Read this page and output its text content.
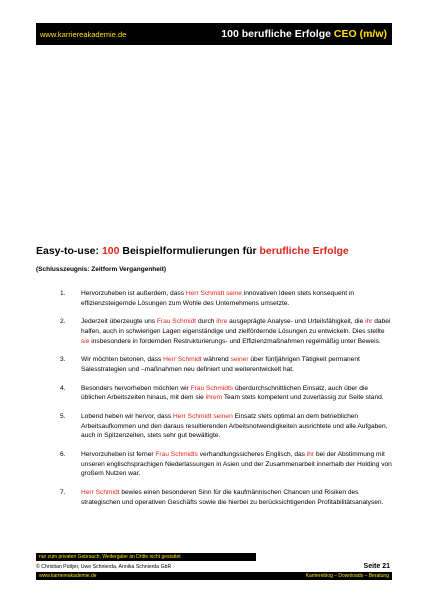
www.karriereakademie.de	100 berufliche Erfolge CEO (m/w)
Easy-to-use: 100 Beispielformulierungen für berufliche Erfolge
(Schlusszeugnis: Zeitform Vergangenheit)
1.	Hervorzuheben ist außerdem, dass Herr Schmidt seine innovativen Ideen stets konsequent in effizienzsteigernde Lösungen zum Wohle des Unternehmens umsetzte.
2.	Jederzeit überzeugte uns Frau Schmidt durch ihre ausgeprägte Analyse- und Urteilsfähigkeit, die ihr dabei halfen, auch in schwierigen Lagen eigenständige und zielfördernde Lösungen zu entwickeln. Dies stellte sie insbesondere in fordernden Restrukturierungs- und Effizienzmaßnahmen regelmäßig unter Beweis.
3.	Wir möchten betonen, dass Herr Schmidt während seiner über fünfjährigen Tätigkeit permanent Salesstrategien und –maßnahmen neu definiert und weiterentwickelt hat.
4.	Besonders hervorheben möchten wir Frau Schmidts überdurchschnittlichen Einsatz, auch über die üblichen Arbeitszeiten hinaus, mit dem sie ihrem Team stets kompetent und zuverlässig zur Seite stand.
5.	Lobend heben wir hervor, dass Herr Schmidt seinen Einsatz stets optimal an dem betrieblichen Arbeitsaufkommen und den daraus resultierenden Arbeitsnotwendigkeiten ausrichtete und alle Aufgaben, auch in Spitzenzeiten, stets sehr gut bewältigte.
6.	Hervorzuheben ist ferner Frau Schmidts verhandlungssicheres Englisch, das ihr bei der Abstimmung mit unseren englischsprachigen Niederlassungen in Asien und der Zusammenarbeit innerhalb der Holding von großem Nutzen war.
7.	Herr Schmidt bewies einen besonderen Sinn für die kaufmännischen Chancen und Risiken des strategischen und operativen Geschäfts sowie die hierbei zu berücksichtigenden Profitabilitätsanalysen.
nur zum privaten Gebrauch, Weitergabe an Dritte nicht gestattet
© Christian Püttjer, Uwe Schnierda, Annika Schnierda GbR	Seite 21
www.karriereakademie.de	Karriereblog – Downloads – Beratung
